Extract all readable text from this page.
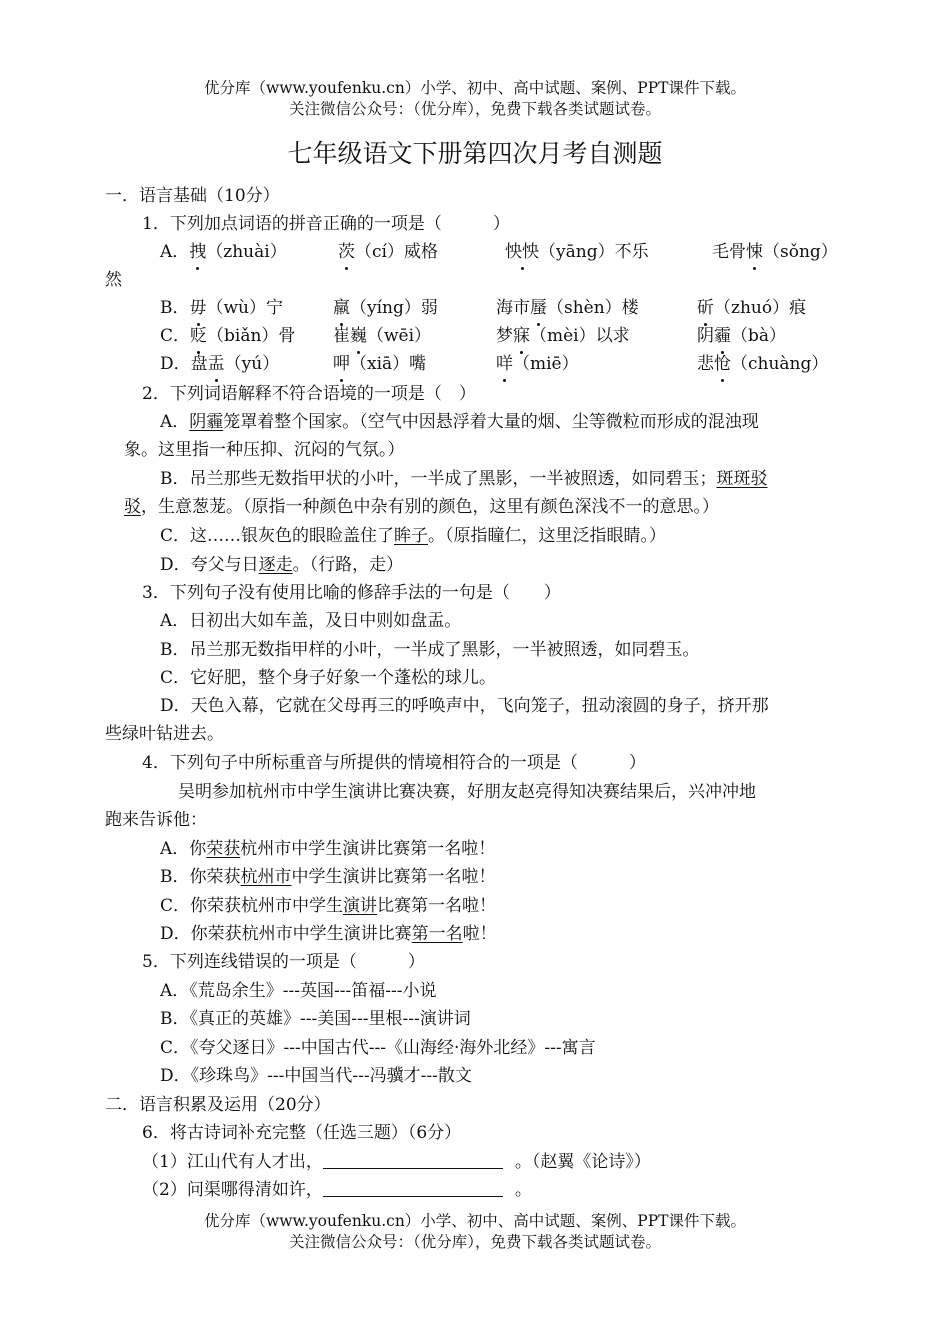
优分库（www.youfenku.cn）小学、初中、高中试题、案例、PPT课件下载。
关注微信公众号：（优分库），免费下载各类试题试卷。
七年级语文下册第四次月考自测题
一．语言基础（10分）
1．下列加点词语的拼音正确的一项是（　　　）
A．拽（zhuài）	茨（cí）威格	怏怏（yāng）不乐	毛骨悚（sǒng）
然
B．毋（wù）宁	羸（yíng）弱	海市蜃（shèn）楼	斫（zhuó）痕
C．贬（biǎn）骨 崔巍（wēi）	梦寐（mèi）以求	阴霾（bà）
D．盘盂（yú）	呷（xiā）嘴	咩（miē）	悲怆（chuàng）
2．下列词语解释不符合语境的一项是（　）
A．阴霾笼罩着整个国家。（空气中因悬浮着大量的烟、尘等微粒而形成的混浊现
象。这里指一种压抑、沉闷的气氛。）
B．吊兰那些无数指甲状的小叶，一半成了黑影，一半被照透，如同碧玉；斑斑驳
驳，生意葱茏。（原指一种颜色中杂有别的颜色，这里有颜色深浅不一的意思。）
C．这……银灰色的眼睑盖住了眸子。（原指瞳仁，这里泛指眼睛。）
D．夸父与日逐走。（行路，走）
3．下列句子没有使用比喻的修辞手法的一句是（　　）
A．日初出大如车盖，及日中则如盘盂。
B．吊兰那无数指甲样的小叶，一半成了黑影，一半被照透，如同碧玉。
C．它好肥，整个身子好象一个蓬松的球儿。
D．天色入幕，它就在父母再三的呼唤声中，飞向笼子，扭动滚圆的身子，挤开那
些绿叶钻进去。
4．下列句子中所标重音与所提供的情境相符合的一项是（　　　）
吴明参加杭州市中学生演讲比赛决赛，好朋友赵亮得知决赛结果后，兴冲冲地
跑来告诉他：
A．你荣获杭州市中学生演讲比赛第一名啦！
B．你荣获杭州市中学生演讲比赛第一名啦！
C．你荣获杭州市中学生演讲比赛第一名啦！
D．你荣获杭州市中学生演讲比赛第一名啦！
5．下列连线错误的一项是（　　　）
A．《荒岛余生》---英国---笛福---小说
B．《真正的英雄》---美国---里根---演讲词
C．《夸父逐日》---中国古代---《山海经·海外北经》---寓言
D．《珍珠鸟》---中国当代---冯骥才---散文
二．语言积累及运用（20分）
6．将古诗词补充完整（任选三题）（6分）
（1）江山代有人才出，	。（赵翼《论诗》）
（2）问渠哪得清如许，	。
优分库（www.youfenku.cn）小学、初中、高中试题、案例、PPT课件下载。
关注微信公众号：（优分库），免费下载各类试题试卷。
